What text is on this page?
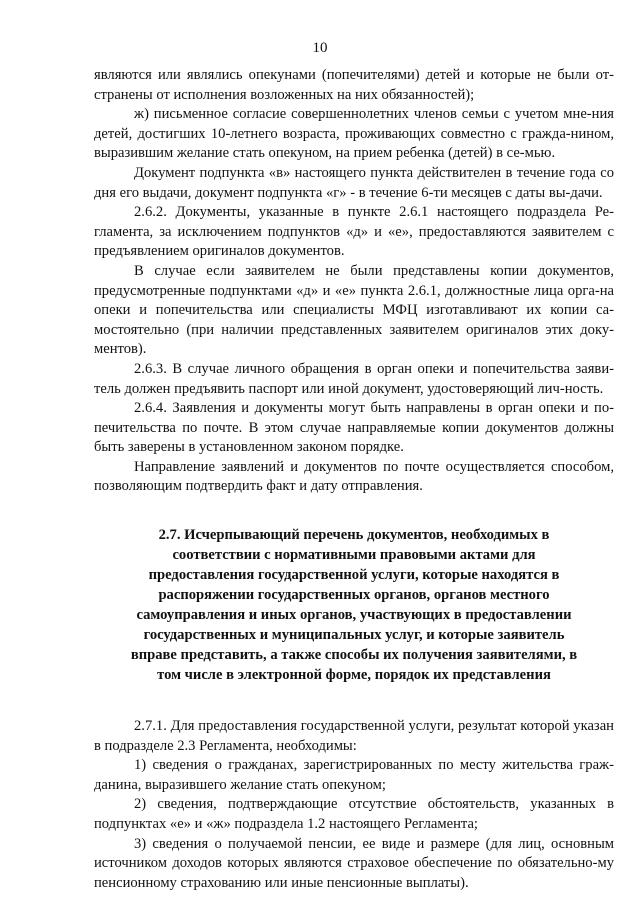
10

являются или являлись опекунами (попечителями) детей и которые не были от-странены от исполнения возложенных на них обязанностей);

ж) письменное согласие совершеннолетних членов семьи с учетом мне-ния детей, достигших 10-летнего возраста, проживающих совместно с гражда-нином, выразившим желание стать опекуном, на прием ребенка (детей) в се-мью.

Документ подпункта «в» настоящего пункта действителен в течение года со дня его выдачи, документ подпункта «г» - в течение 6-ти месяцев с даты вы-дачи.

2.6.2. Документы, указанные в пункте 2.6.1 настоящего подраздела Ре-гламента, за исключением подпунктов «д» и «е», предоставляются заявителем с предъявлением оригиналов документов.

В случае если заявителем не были представлены копии документов, предусмотренные подпунктами «д» и «е» пункта 2.6.1, должностные лица орга-на опеки и попечительства или специалисты МФЦ изготавливают их копии са-мостоятельно (при наличии представленных заявителем оригиналов этих доку-ментов).

2.6.3. В случае личного обращения в орган опеки и попечительства заяви-тель должен предъявить паспорт или иной документ, удостоверяющий лич-ность.

2.6.4. Заявления и документы могут быть направлены в орган опеки и по-печительства по почте. В этом случае направляемые копии документов должны быть заверены в установленном законом порядке.

Направление заявлений и документов по почте осуществляется способом, позволяющим подтвердить факт и дату отправления.

2.7. Исчерпывающий перечень документов, необходимых в соответствии с нормативными правовыми актами для предоставления государственной услуги, которые находятся в распоряжении государственных органов, органов местного самоуправления и иных органов, участвующих в предоставлении государственных и муниципальных услуг, и которые заявитель вправе представить, а также способы их получения заявителями, в том числе в электронной форме, порядок их представления

2.7.1. Для предоставления государственной услуги, результат которой указан в подразделе 2.3 Регламента, необходимы:

1) сведения о гражданах, зарегистрированных по месту жительства граж-данина, выразившего желание стать опекуном;

2) сведения, подтверждающие отсутствие обстоятельств, указанных в подпунктах «е» и «ж» подраздела 1.2 настоящего Регламента;

3) сведения о получаемой пенсии, ее виде и размере (для лиц, основным источником доходов которых являются страховое обеспечение по обязательно-му пенсионному страхованию или иные пенсионные выплаты).
